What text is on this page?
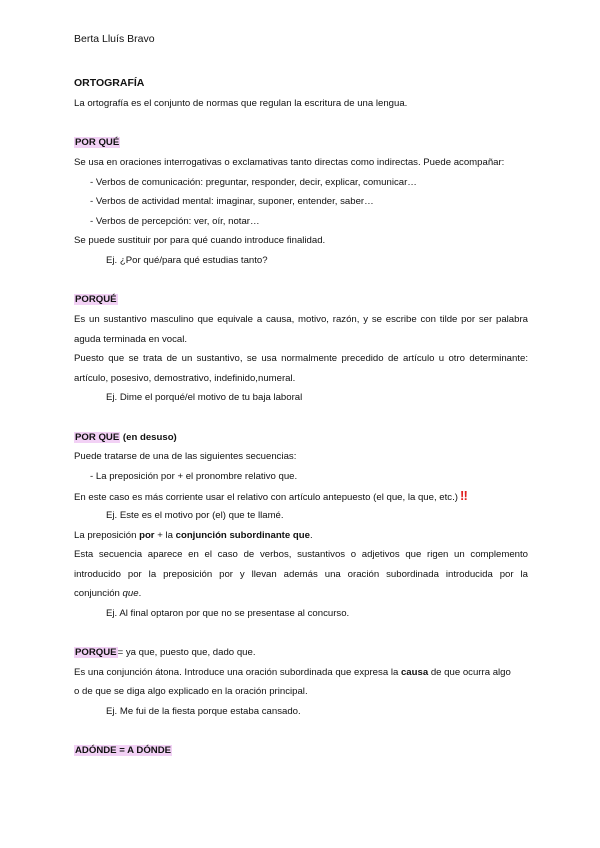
Berta Lluís Bravo
ORTOGRAFÍA
La ortografía es el conjunto de normas que regulan la escritura de una lengua.
POR QUÉ
Se usa en oraciones interrogativas o exclamativas tanto directas como indirectas. Puede acompañar:
- Verbos de comunicación: preguntar, responder, decir, explicar, comunicar…
- Verbos de actividad mental: imaginar, suponer, entender, saber…
- Verbos de percepción: ver, oír, notar…
Se puede sustituir por para qué cuando introduce finalidad.
Ej. ¿Por qué/para qué estudias tanto?
PORQUÉ
Es un sustantivo masculino que equivale a causa, motivo, razón, y se escribe con tilde por ser palabra
aguda terminada en vocal.
Puesto que se trata de un sustantivo, se usa normalmente precedido de artículo u otro determinante:
artículo, posesivo, demostrativo, indefinido,numeral.
Ej. Dime el porqué/el motivo de tu baja laboral
POR QUE (en desuso)
Puede tratarse de una de las siguientes secuencias:
- La preposición por + el pronombre relativo que.
En este caso es más corriente usar el relativo con artículo antepuesto (el que, la que, etc.) ‼
Ej. Este es el motivo por (el) que te llamé.
La preposición por + la conjunción subordinante que.
Esta secuencia aparece en el caso de verbos, sustantivos o adjetivos que rigen un complemento
introducido por la preposición por y llevan además una oración subordinada introducida por la
conjunción que.
Ej. Al final optaron por que no se presentase al concurso.
PORQUE= ya que, puesto que, dado que.
Es una conjunción átona. Introduce una oración subordinada que expresa la causa de que ocurra algo
o de que se diga algo explicado en la oración principal.
Ej. Me fui de la fiesta porque estaba cansado.
ADÓNDE = A DÓNDE
